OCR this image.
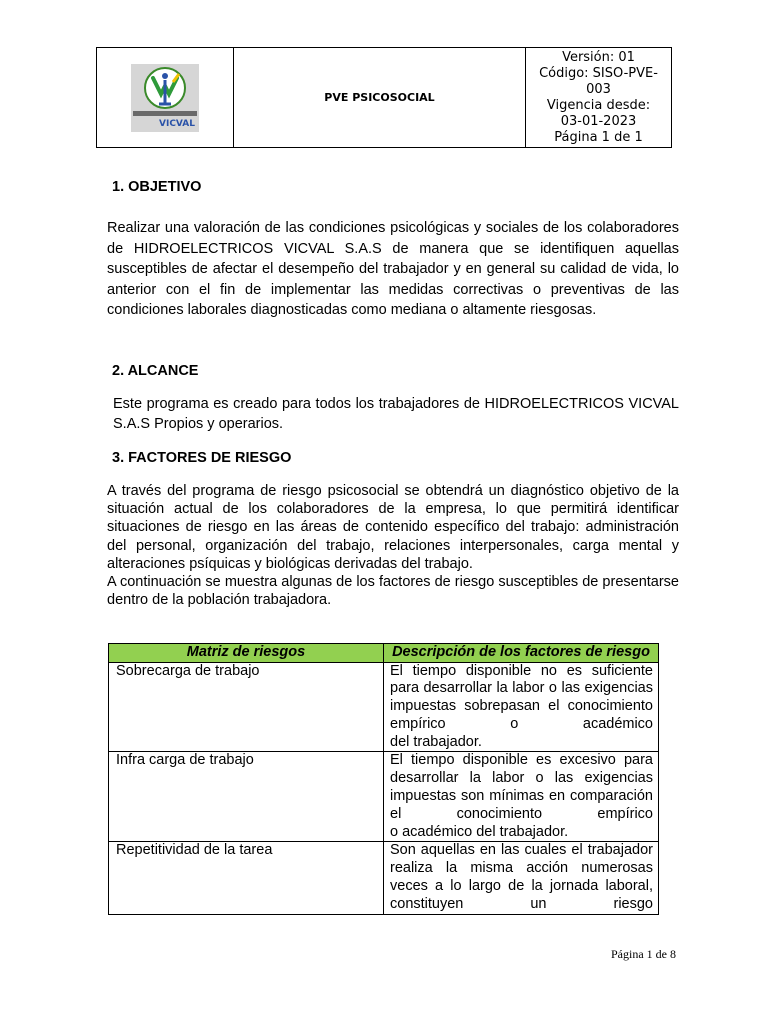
VICVAL
PVE PSICOSOCIAL
Versión: 01
Código: SISO-PVE-
003
Vigencia desde:
03-01-2023
Página 1 de 1
1. OBJETIVO

Realizar una valoración de las condiciones psicológicas y sociales de los colaboradores de HIDROELECTRICOS VICVAL S.A.S de manera que se identifiquen aquellas susceptibles de afectar el desempeño del trabajador y en general su calidad de vida, lo anterior con el fin de implementar las medidas correctivas o preventivas de las condiciones laborales diagnosticadas como mediana o altamente riesgosas.

2. ALCANCE

Este programa es creado para todos los trabajadores de HIDROELECTRICOS VICVAL S.A.S Propios y operarios.

3. FACTORES DE RIESGO

A través del programa de riesgo psicosocial se obtendrá un diagnóstico objetivo de la situación actual de los colaboradores de la empresa, lo que permitirá identificar situaciones de riesgo en las áreas de contenido específico del trabajo: administración del personal, organización del trabajo, relaciones interpersonales, carga mental y alteraciones psíquicas y biológicas derivadas del trabajo.

A continuación se muestra algunas de los factores de riesgo susceptibles de presentarse dentro de la población trabajadora.

Matriz de riesgos	Descripción de los factores de riesgo
Sobrecarga de trabajo	El tiempo disponible no es suficiente para desarrollar la labor o las exigencias impuestas sobrepasan el conocimiento empírico o académico
del trabajador.

Infra carga de trabajo	El tiempo disponible es excesivo para desarrollar la labor o las exigencias impuestas son mínimas en comparación el conocimiento empírico
o académico del trabajador.

Repetitividad de la tarea	Son aquellas en las cuales el trabajador realiza la misma acción numerosas veces a lo largo de la jornada laboral, constituyen un riesgo
Página 1 de 8
